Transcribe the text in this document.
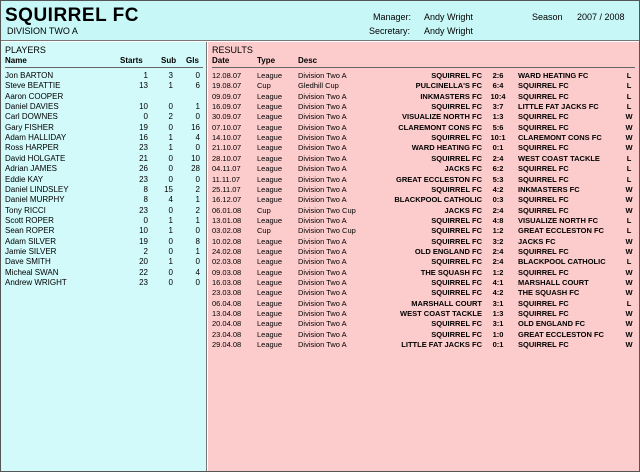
SQUIRREL FC
DIVISION TWO A
Manager: Andy Wright
Secretary: Andy Wright
Season 2007 / 2008
PLAYERS
Name	Starts Sub Gls
Jon BARTON	1	3	0
Steve BEATTIE	13	1	6
Aaron COOPER
Daniel DAVIES	10	0	1
Carl DOWNES	0	2	0
Gary FISHER	19	0	16
Adam HALLIDAY	16	1	4
Ross HARPER	23	1	0
David HOLGATE	21	0	10
Adrian JAMES	26	0	28
Eddie KAY	23	0	0
Daniel LINDSLEY	8	15	2
Daniel MURPHY	8	4	1
Tony RICCI	23	0	2
Scott ROPER	0	1	1
Sean ROPER	10	1	0
Adam SILVER	19	0	8
Jamie SILVER	2	0	1
Dave SMITH	20	1	0
Micheal SWAN	22	0	4
Andrew WRIGHT	23	0	0
RESULTS
Date	Type	Desc
12.08.07 League Division Two A	SQUIRREL FC	2:6	WARD HEATING FC	L
19.08.07 Cup	Gledhill Cup	PULCINELLA'S FC	6:4	SQUIRREL FC	L
09.09.07 League Division Two A	INKMASTERS FC	10:4	SQUIRREL FC	L
16.09.07 League Division Two A	SQUIRREL FC	3:7	LITTLE FAT JACKS FC	L
30.09.07 League Division Two A	VISUALIZE NORTH FC	1:3	SQUIRREL FC	W
07.10.07 League Division Two A	CLAREMONT CONS FC	5:6	SQUIRREL FC	W
14.10.07 League Division Two A	SQUIRREL FC	10:1	CLAREMONT CONS FC	W
21.10.07 League Division Two A	WARD HEATING FC	0:1	SQUIRREL FC	W
28.10.07 League Division Two A	SQUIRREL FC	2:4	WEST COAST TACKLE	L
04.11.07 League Division Two A	JACKS FC	6:2	SQUIRREL FC	L
11.11.07 League Division Two A	GREAT ECCLESTON FC	5:3	SQUIRREL FC	L
25.11.07 League Division Two A	SQUIRREL FC	4:2	INKMASTERS FC	W
16.12.07 League Division Two A	BLACKPOOL CATHOLIC	0:3	SQUIRREL FC	W
06.01.08 Cup	Division Two Cup	JACKS FC	2:4	SQUIRREL FC	W
13.01.08 League Division Two A	SQUIRREL FC	4:8	VISUALIZE NORTH FC	L
03.02.08 Cup	Division Two Cup	SQUIRREL FC	1:2	GREAT ECCLESTON FC	L
10.02.08 League Division Two A	SQUIRREL FC	3:2	JACKS FC	W
24.02.08 League Division Two A	OLD ENGLAND FC	2:4	SQUIRREL FC	W
02.03.08 League Division Two A	SQUIRREL FC	2:4	BLACKPOOL CATHOLIC	L
09.03.08 League Division Two A	THE SQUASH FC	1:2	SQUIRREL FC	W
16.03.08 League Division Two A	SQUIRREL FC	4:1	MARSHALL COURT	W
23.03.08 League Division Two A	SQUIRREL FC	4:2	THE SQUASH FC	W
06.04.08 League Division Two A	MARSHALL COURT	3:1	SQUIRREL FC	L
13.04.08 League Division Two A	WEST COAST TACKLE	1:3	SQUIRREL FC	W
20.04.08 League Division Two A	SQUIRREL FC	3:1	OLD ENGLAND FC	W
23.04.08 League Division Two A	SQUIRREL FC	1:0	GREAT ECCLESTON FC	W
29.04.08 League Division Two A	LITTLE FAT JACKS FC	0:1	SQUIRREL FC	W
